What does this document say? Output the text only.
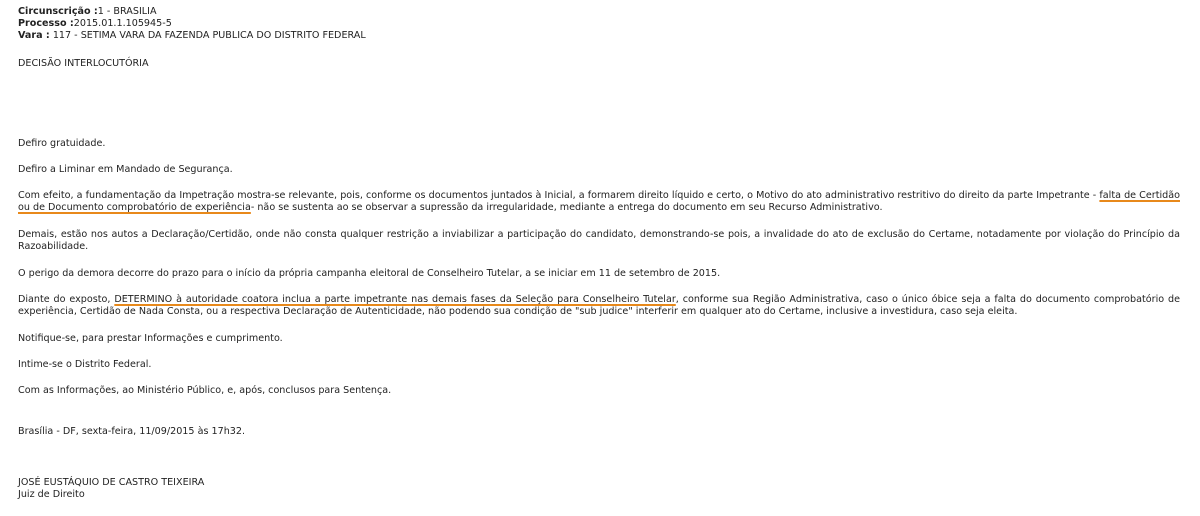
Circunscrição :1 - BRASILIA
Processo :2015.01.1.105945-5
Vara : 117 - SETIMA VARA DA FAZENDA PUBLICA DO DISTRITO FEDERAL
DECISÃO INTERLOCUTÓRIA
Defiro gratuidade.
Defiro a Liminar em Mandado de Segurança.
Com efeito, a fundamentação da Impetração mostra-se relevante, pois, conforme os documentos juntados à Inicial, a formarem direito líquido e certo, o Motivo do ato administrativo restritivo do direito da parte Impetrante - falta de Certidão ou de Documento comprobatório de experiência- não se sustenta ao se observar a supressão da irregularidade, mediante a entrega do documento em seu Recurso Administrativo.
Demais, estão nos autos a Declaração/Certidão, onde não consta qualquer restrição a inviabilizar a participação do candidato, demonstrando-se pois, a invalidade do ato de exclusão do Certame, notadamente por violação do Princípio da Razoabilidade.
O perigo da demora decorre do prazo para o início da própria campanha eleitoral de Conselheiro Tutelar, a se iniciar em 11 de setembro de 2015.
Diante do exposto, DETERMINO à autoridade coatora inclua a parte impetrante nas demais fases da Seleção para Conselheiro Tutelar, conforme sua Região Administrativa, caso o único óbice seja a falta do documento comprobatório de experiência, Certidão de Nada Consta, ou a respectiva Declaração de Autenticidade, não podendo sua condição de "sub judice" interferir em qualquer ato do Certame, inclusive a investidura, caso seja eleita.
Notifique-se, para prestar Informações e cumprimento.
Intime-se o Distrito Federal.
Com as Informações, ao Ministério Público, e, após, conclusos para Sentença.
Brasília - DF, sexta-feira, 11/09/2015 às 17h32.
JOSÉ EUSTÁQUIO DE CASTRO TEIXEIRA
Juiz de Direito
